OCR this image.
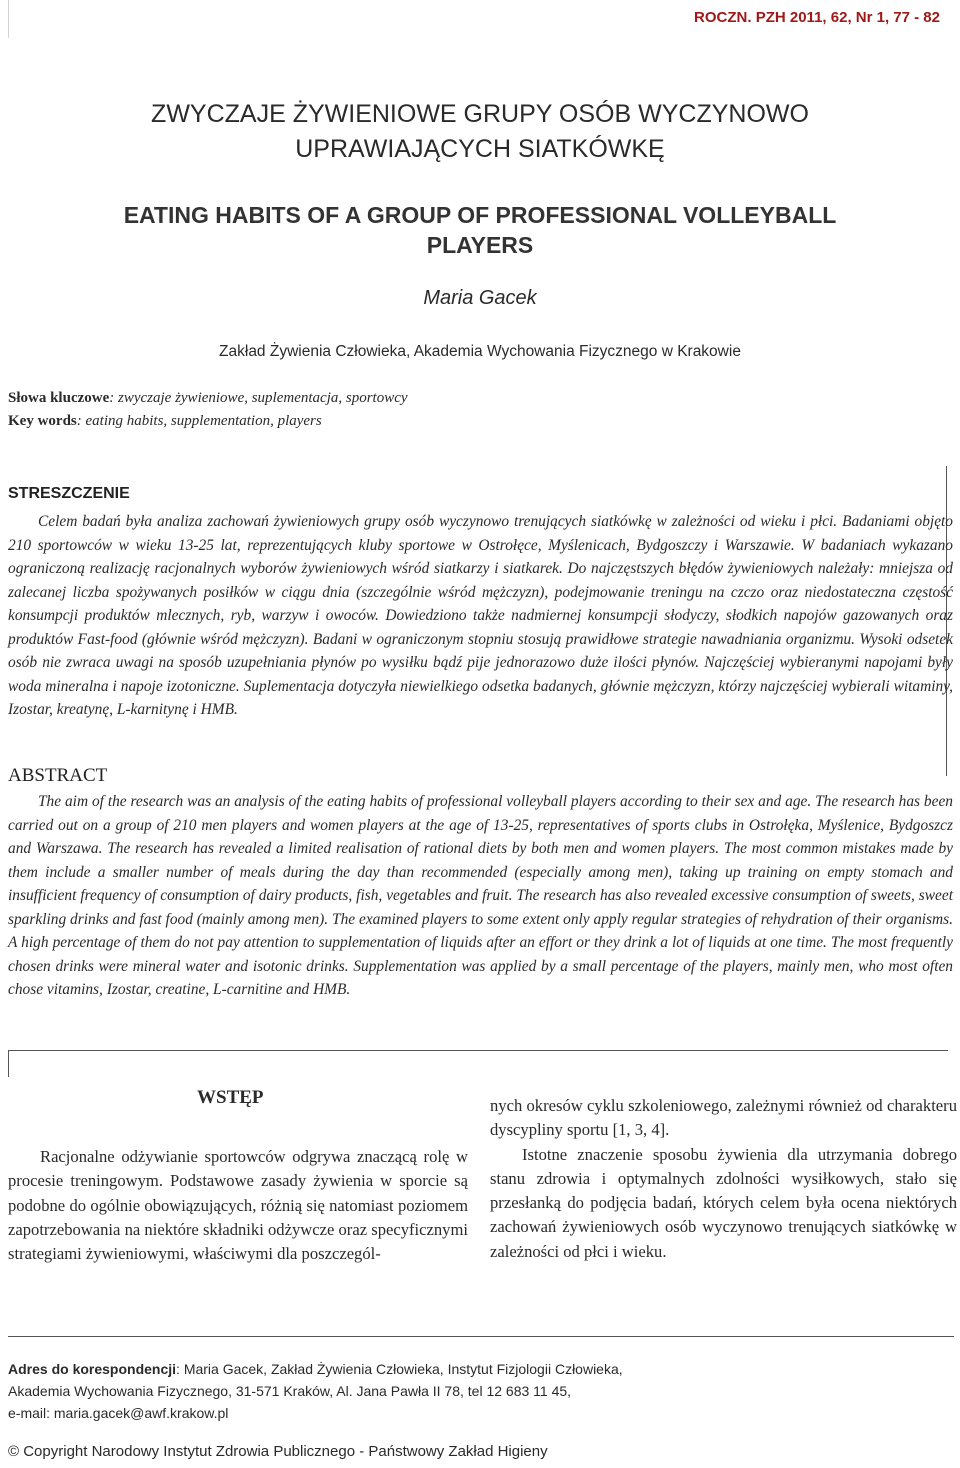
ROCZN. PZH 2011, 62, Nr 1, 77 - 82

ZWYCZAJE ŻYWIENIOWE GRUPY OSÓB WYCZYNOWO
UPRAWIAJĄCYCH SIATKÓWKĘ
EATING HABITS OF A GROUP OF PROFESSIONAL VOLLEYBALL
PLAYERS

Maria Gacek

Zakład Żywienia Człowieka, Akademia Wychowania Fizycznego w Krakowie

Słowa kluczowe: zwyczaje żywieniowe, suplementacja, sportowcy

Key words: eating habits, supplementation, players

STRESZCZENIE

Celem badań była analiza zachowań żywieniowych grupy osób wyczynowo trenujących siatkówkę w zależności od wieku i płci. Badaniami objęto 210 sportowców w wieku 13-25 lat, reprezentujących kluby sportowe w Ostrołęce, Myślenicach, Bydgoszczy i Warszawie. W badaniach wykazano ograniczoną realizację racjonalnych wyborów żywieniowych wśród siatkarzy i siatkarek. Do najczęstszych błędów żywieniowych należały: mniejsza od zalecanej liczba spożywanych posiłków w ciągu dnia (szczególnie wśród mężczyzn), podejmowanie treningu na czczo oraz niedostateczna częstość konsumpcji produktów mlecznych, ryb, warzyw i owoców. Dowiedziono także nadmiernej konsumpcji słodyczy, słodkich napojów gazowanych oraz produktów Fast-food (głównie wśród mężczyzn). Badani w ograniczonym stopniu stosują prawidłowe strategie nawadniania organizmu. Wysoki odsetek osób nie zwraca uwagi na sposób uzupełniania płynów po wysiłku bądź pije jednorazowo duże ilości płynów. Najczęściej wybieranymi napojami były woda mineralna i napoje izotoniczne. Suplementacja dotyczyła niewielkiego odsetka badanych, głównie mężczyzn, którzy najczęściej wybierali witaminy, Izostar, kreatynę, L-karnitynę i HMB.

ABSTRACT

The aim of the research was an analysis of the eating habits of professional volleyball players according to their sex and age. The research has been carried out on a group of 210 men players and women players at the age of 13-25, representatives of sports clubs in Ostrołęka, Myślenice, Bydgoszcz and Warszawa. The research has revealed a limited realisation of rational diets by both men and women players. The most common mistakes made by them include a smaller number of meals during the day than recommended (especially among men), taking up training on empty stomach and insufficient frequency of consumption of dairy products, fish, vegetables and fruit. The research has also revealed excessive consumption of sweets, sweet sparkling drinks and fast food (mainly among men). The examined players to some extent only apply regular strategies of rehydration of their organisms. A high percentage of them do not pay attention to supplementation of liquids after an effort or they drink a lot of liquids at one time. The most frequently chosen drinks were mineral water and isotonic drinks. Supplementation was applied by a small percentage of the players, mainly men, who most often chose vitamins, Izostar, creatine, L-carnitine and HMB.

WSTĘP

Racjonalne odżywianie sportowców odgrywa znaczącą rolę w procesie treningowym. Podstawowe zasady żywienia w sporcie są podobne do ogólnie obowiązujących, różnią się natomiast poziomem zapotrzebowania na niektóre składniki odżywcze oraz specyficznymi strategiami żywieniowymi, właściwymi dla poszczegól-

nych okresów cyklu szkoleniowego, zależnymi również od charakteru dyscypliny sportu [1, 3, 4].

Istotne znaczenie sposobu żywienia dla utrzymania dobrego stanu zdrowia i optymalnych zdolności wysiłkowych, stało się przesłanką do podjęcia badań, których celem była ocena niektórych zachowań żywieniowych osób wyczynowo trenujących siatkówkę w zależności od płci i wieku.

Adres do korespondencji: Maria Gacek, Zakład Żywienia Człowieka, Instytut Fizjologii Człowieka,
Akademia Wychowania Fizycznego, 31-571 Kraków, Al. Jana Pawła II 78, tel 12 683 11 45,
e-mail: maria.gacek@awf.krakow.pl

© Copyright Narodowy Instytut Zdrowia Publicznego - Państwowy Zakład Higieny
